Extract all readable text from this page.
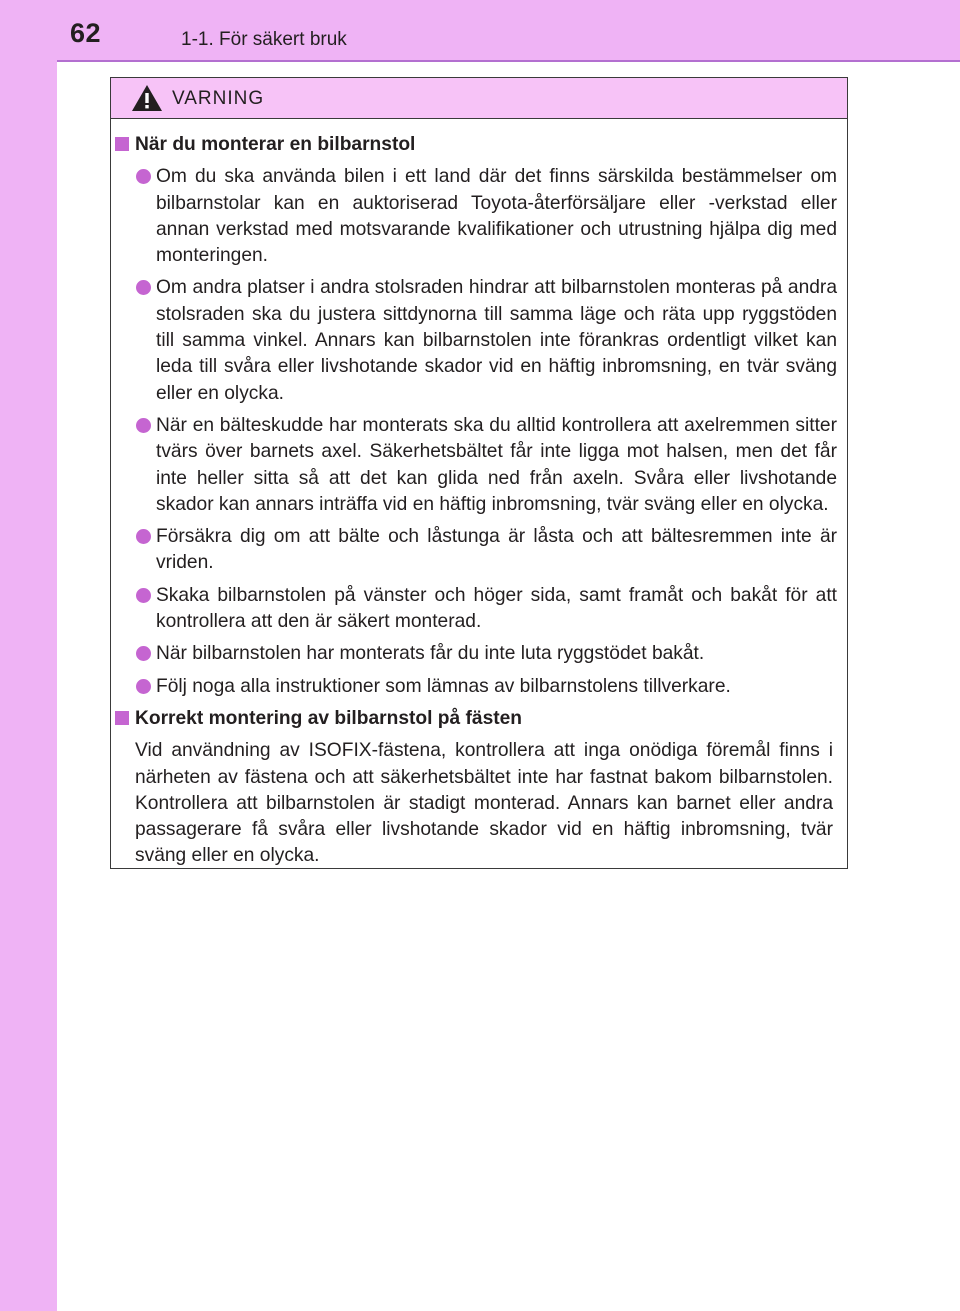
62	1-1. För säkert bruk
VARNING
När du monterar en bilbarnstol
Om du ska använda bilen i ett land där det finns särskilda bestämmelser om bilbarnstolar kan en auktoriserad Toyota-återförsäljare eller -verkstad eller annan verkstad med motsvarande kvalifikationer och utrustning hjälpa dig med monteringen.
Om andra platser i andra stolsraden hindrar att bilbarnstolen monteras på andra stolsraden ska du justera sittdynorna till samma läge och räta upp ryggstöden till samma vinkel. Annars kan bilbarnstolen inte förankras ordentligt vilket kan leda till svåra eller livshotande skador vid en häftig inbromsning, en tvär sväng eller en olycka.
När en bälteskudde har monterats ska du alltid kontrollera att axelremmen sitter tvärs över barnets axel. Säkerhetsbältet får inte ligga mot halsen, men det får inte heller sitta så att det kan glida ned från axeln. Svåra eller livshotande skador kan annars inträffa vid en häftig inbromsning, tvär sväng eller en olycka.
Försäkra dig om att bälte och låstunga är låsta och att bältesremmen inte är vriden.
Skaka bilbarnstolen på vänster och höger sida, samt framåt och bakåt för att kontrollera att den är säkert monterad.
När bilbarnstolen har monterats får du inte luta ryggstödet bakåt.
Följ noga alla instruktioner som lämnas av bilbarnstolens tillverkare.
Korrekt montering av bilbarnstol på fästen
Vid användning av ISOFIX-fästena, kontrollera att inga onödiga föremål finns i närheten av fästena och att säkerhetsbältet inte har fastnat bakom bilbarnstolen. Kontrollera att bilbarnstolen är stadigt monterad. Annars kan barnet eller andra passagerare få svåra eller livshotande skador vid en häftig inbromsning, tvär sväng eller en olycka.
